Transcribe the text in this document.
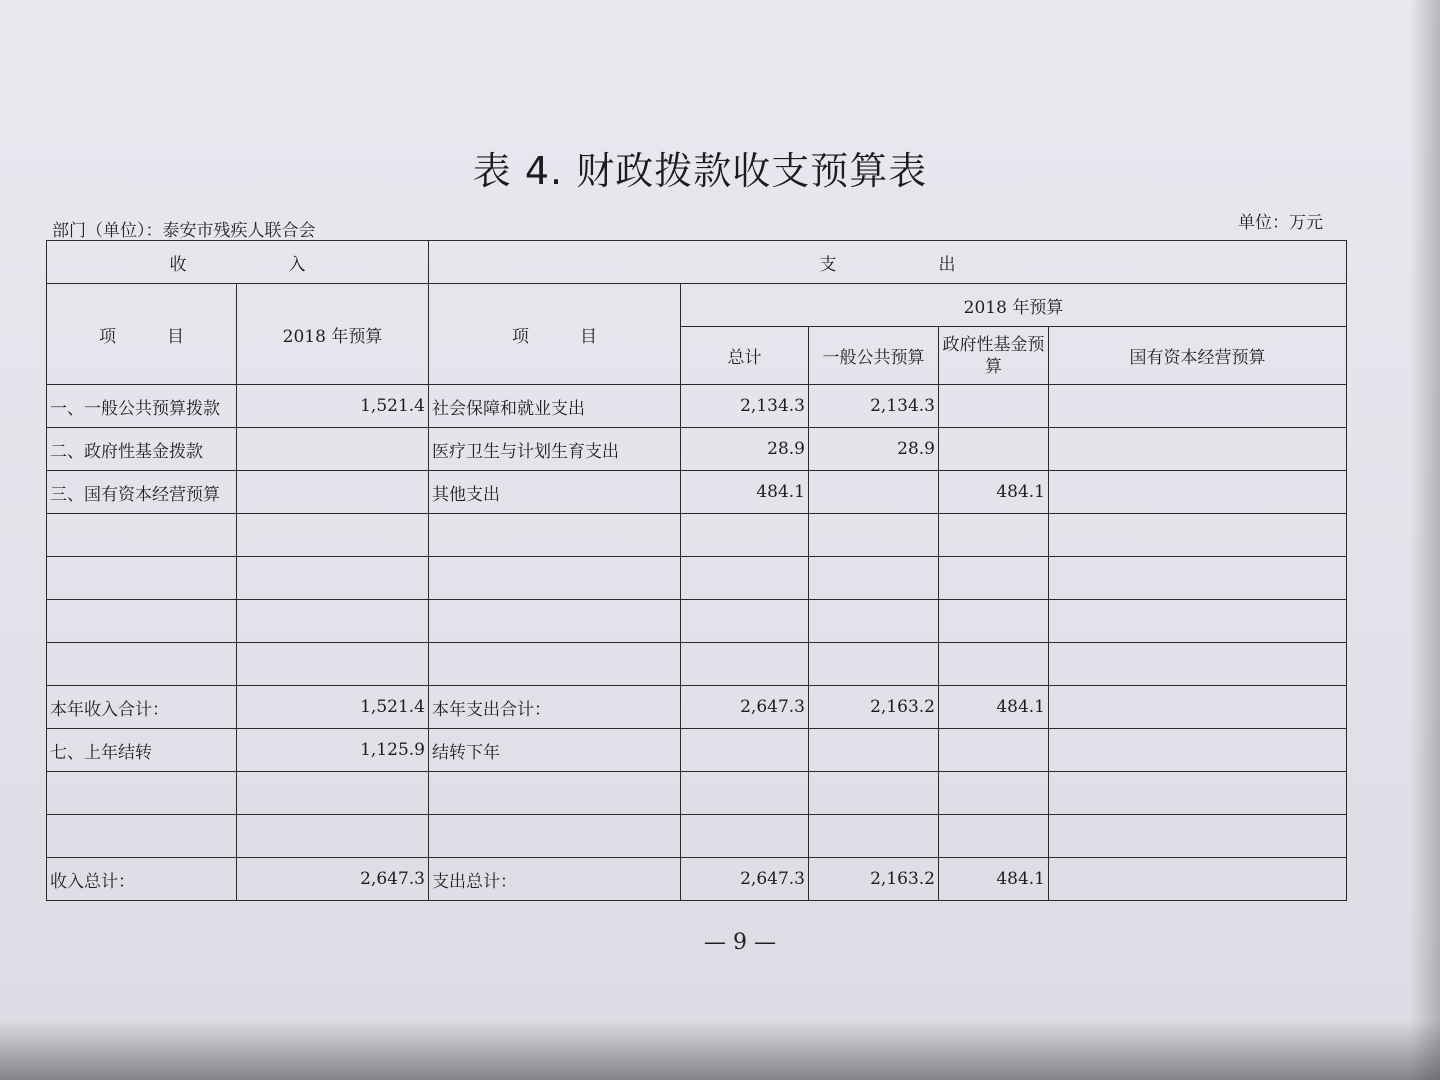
表 4. 财政拨款收支预算表
部门（单位）：泰安市残疾人联合会	单位：万元
收　　　　　　入		支　　　　　　出				
项　　　目	2018 年预算	项　　　目	2018 年预算			
			总计	一般公共预算	政府性基金预算	国有资本经营预算
一、一般公共预算拨款	1,521.4	社会保障和就业支出	2,134.3	2,134.3		
二、政府性基金拨款		医疗卫生与计划生育支出	28.9	28.9		
三、国有资本经营预算		其他支出	484.1		484.1	

本年收入合计：	1,521.4	本年支出合计：	2,647.3	2,163.2	484.1	
七、上年结转	1,125.9	结转下年				

收入总计：	2,647.3	支出总计：	2,647.3	2,163.2	484.1	
— 9 —
